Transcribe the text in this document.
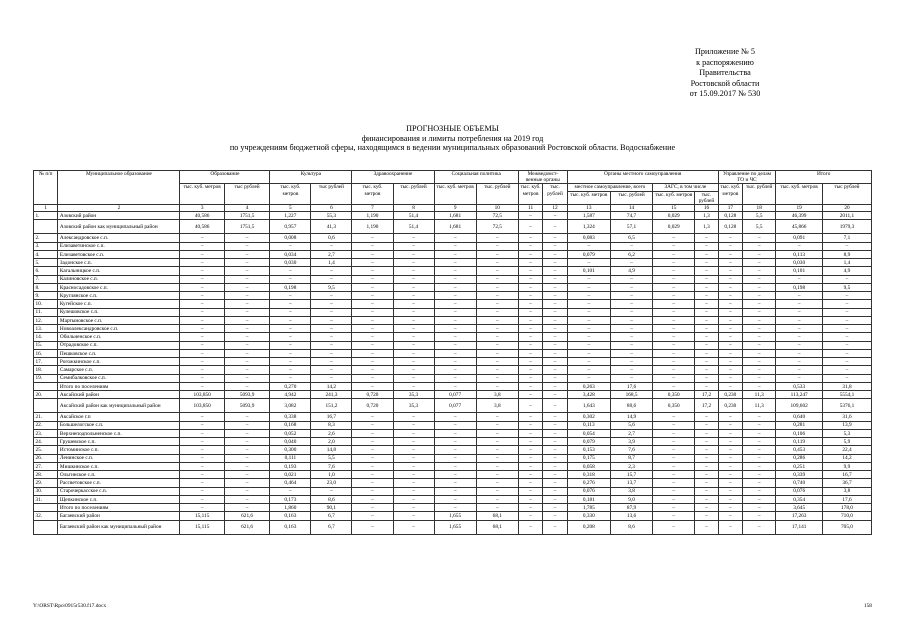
Приложение № 5
к распоряжению
Правительства
Ростовской области
от 15.09.2017 № 530
ПРОГНОЗНЫЕ ОБЪЕМЫ
финансирования и лимиты потребления на 2019 год
по учреждениям бюджетной сферы, находящимся в ведении муниципальных образований Ростовской области. Водоснабжение
№ п/п	Муниципальное образование	Образование		Культура		Здравоохранение		Социальная политика		Межведомст-венные органы		Органы местного самоуправления				Управление по делам ГО и ЧС		Итого	
		тыс. куб. метров	тыс рублей	тыс. куб. метров	тыс рублей	тыс. куб. метров	тыс. рублей	тыс. куб. метров	тыс. рублей	тыс. куб. метров	тыс. рублей	местное самоуправление, всего		ЗАГС, в том числе		тыс. куб. метров	тыс. рублей	тыс. куб. метров	тыс рублей
												тыс. куб. метров	тыс. рублей	тыс. куб. метров	тыс. рублей				
1	2	3	4	5	6	7	8	9	10	11	12	13	14	15	16	17	18	19	20
1.	Азовский район	40,586	1751,5	1,227	55,3	1,190	51,4	1,681	72,5	–	–	1,587	74,7	0,029	1,3	0,128	5,5	46,399	2011,1
	Азовский район как муниципальный район	40,586	1751,5	0,957	41,3	1,190	51,4	1,681	72,5	–	–	1,324	57,1	0,029	1,3	0,128	5,5	45,866	1979,3
2.	Александровское с.п.	–	–	0,008	0,6	–	–	–	–	–	–	0,083	6,5	–	–	–	–	0,091	7,1
3.	Елизаветинское с.п.	–	–	–	–	–	–	–	–	–	–	–	–	–	–	–	–	–	–
4.	Елизаветовское с.п.	–	–	0,034	2,7	–	–	–	–	–	–	0,079	6,2	–	–	–	–	0,113	8,9
5.	Задонское с.п.	–	–	0,030	1,4	–	–	–	–	–	–	–	–	–	–	–	–	0,030	1,4
6.	Кагальницкое с.п.	–	–	–	–	–	–	–	–	–	–	0,101	4,9	–	–	–	–	0,101	4,9
7.	Калиновское с.п.	–	–	–	–	–	–	–	–	–	–	–	–	–	–	–	–	–	–
8.	Красносадовское с.п.	–	–	0,198	9,5	–	–	–	–	–	–	–	–	–	–	–	–	0,198	9,5
9.	Круглянское с.п.	–	–	–	–	–	–	–	–	–	–	–	–	–	–	–	–	–	–
10.	Кугейское с.п.	–	–	–	–	–	–	–	–	–	–	–	–	–	–	–	–	–	–
11.	Кулешовское с.п.	–	–	–	–	–	–	–	–	–	–	–	–	–	–	–	–	–	–
12.	Мартыновское с.п.	–	–	–	–	–	–	–	–	–	–	–	–	–	–	–	–	–	–
13.	Новоалександровское с.п.	–	–	–	–	–	–	–	–	–	–	–	–	–	–	–	–	–	–
14.	Обильненское с.п.	–	–	–	–	–	–	–	–	–	–	–	–	–	–	–	–	–	–
15.	Отрадовское с.п.	–	–	–	–	–	–	–	–	–	–	–	–	–	–	–	–	–	–
16.	Пешковское с.п.	–	–	–	–	–	–	–	–	–	–	–	–	–	–	–	–	–	–
17.	Рогожкинское с.п.	–	–	–	–	–	–	–	–	–	–	–	–	–	–	–	–	–	–
18.	Самарское с.п.	–	–	–	–	–	–	–	–	–	–	–	–	–	–	–	–	–	–
19.	Семибалковское с.п.	–	–	–	–	–	–	–	–	–	–	–	–	–	–	–	–	–	–
	Итого по поселениям	–	–	0,270	14,2	–	–	–	–	–	–	0,263	17,6	–	–	–	–	0,533	31,8
20.	Аксайский район	103,850	5093,9	4,942	241,3	0,720	35,3	0,077	3,8	–	–	3,428	168,5	0,350	17,2	0,230	11,3	113,247	5554,1
	Аксайский район как муниципальный район	103,850	5093,9	3,082	151,2	0,720	35,3	0,077	3,8	–	–	1,643	80,6	0,350	17,2	0,230	11,3	109,602	5376,1
21.	Аксайское г.п	–	–	0,338	16,7	–	–	–	–	–	–	0,302	14,9	–	–	–	–	0,640	31,6
22.	Большелогское с.п.	–	–	0,168	8,3	–	–	–	–	–	–	0,113	5,6	–	–	–	–	0,281	13,9
23.	Верхнеподпольненское с.п.	–	–	0,052	2,6	–	–	–	–	–	–	0,054	2,7	–	–	–	–	0,106	5,3
24.	Грушевское с.п.	–	–	0,040	2,0	–	–	–	–	–	–	0,079	3,9	–	–	–	–	0,119	5,9
25.	Истоминское с.п.	–	–	0,300	14,8	–	–	–	–	–	–	0,153	7,6	–	–	–	–	0,453	22,4
26.	Ленинское с.п.	–	–	0,111	5,5	–	–	–	–	–	–	0,175	8,7	–	–	–	–	0,286	14,2
27.	Мишкинское с.п.	–	–	0,193	7,6	–	–	–	–	–	–	0,058	2,3	–	–	–	–	0,251	9,9
28.	Ольгинское с.п.	–	–	0,021	1,0	–	–	–	–	–	–	0,318	15,7	–	–	–	–	0,339	16,7
29.	Рассветовское с.п.	–	–	0,464	23,0	–	–	–	–	–	–	0,276	13,7	–	–	–	–	0,740	36,7
30.	Старочеркасское с.п.	–	–	–	–	–	–	–	–	–	–	0,076	3,8	–	–	–	–	0,076	3,8
31.	Щепкинское с.п.	–	–	0,173	8,6	–	–	–	–	–	–	0,181	9,0	–	–	–	–	0,354	17,6
	Итого по поселениям	–	–	1,860	90,1	–	–	–	–	–	–	1,785	87,9	–	–	–	–	3,645	178,0
32.	Багаевский район	15,115	621,6	0,163	6,7	–	–	1,655	68,1	–	–	0,330	13,6	–	–	–	–	17,263	710,0
	Багаевский район как муниципальный район	15,115	621,6	0,163	6,7	–	–	1,655	68,1	–	–	0,208	8,6	–	–	–	–	17,141	705,0
Y:\ORST\Rpo\0915r530.f17.docx	158
